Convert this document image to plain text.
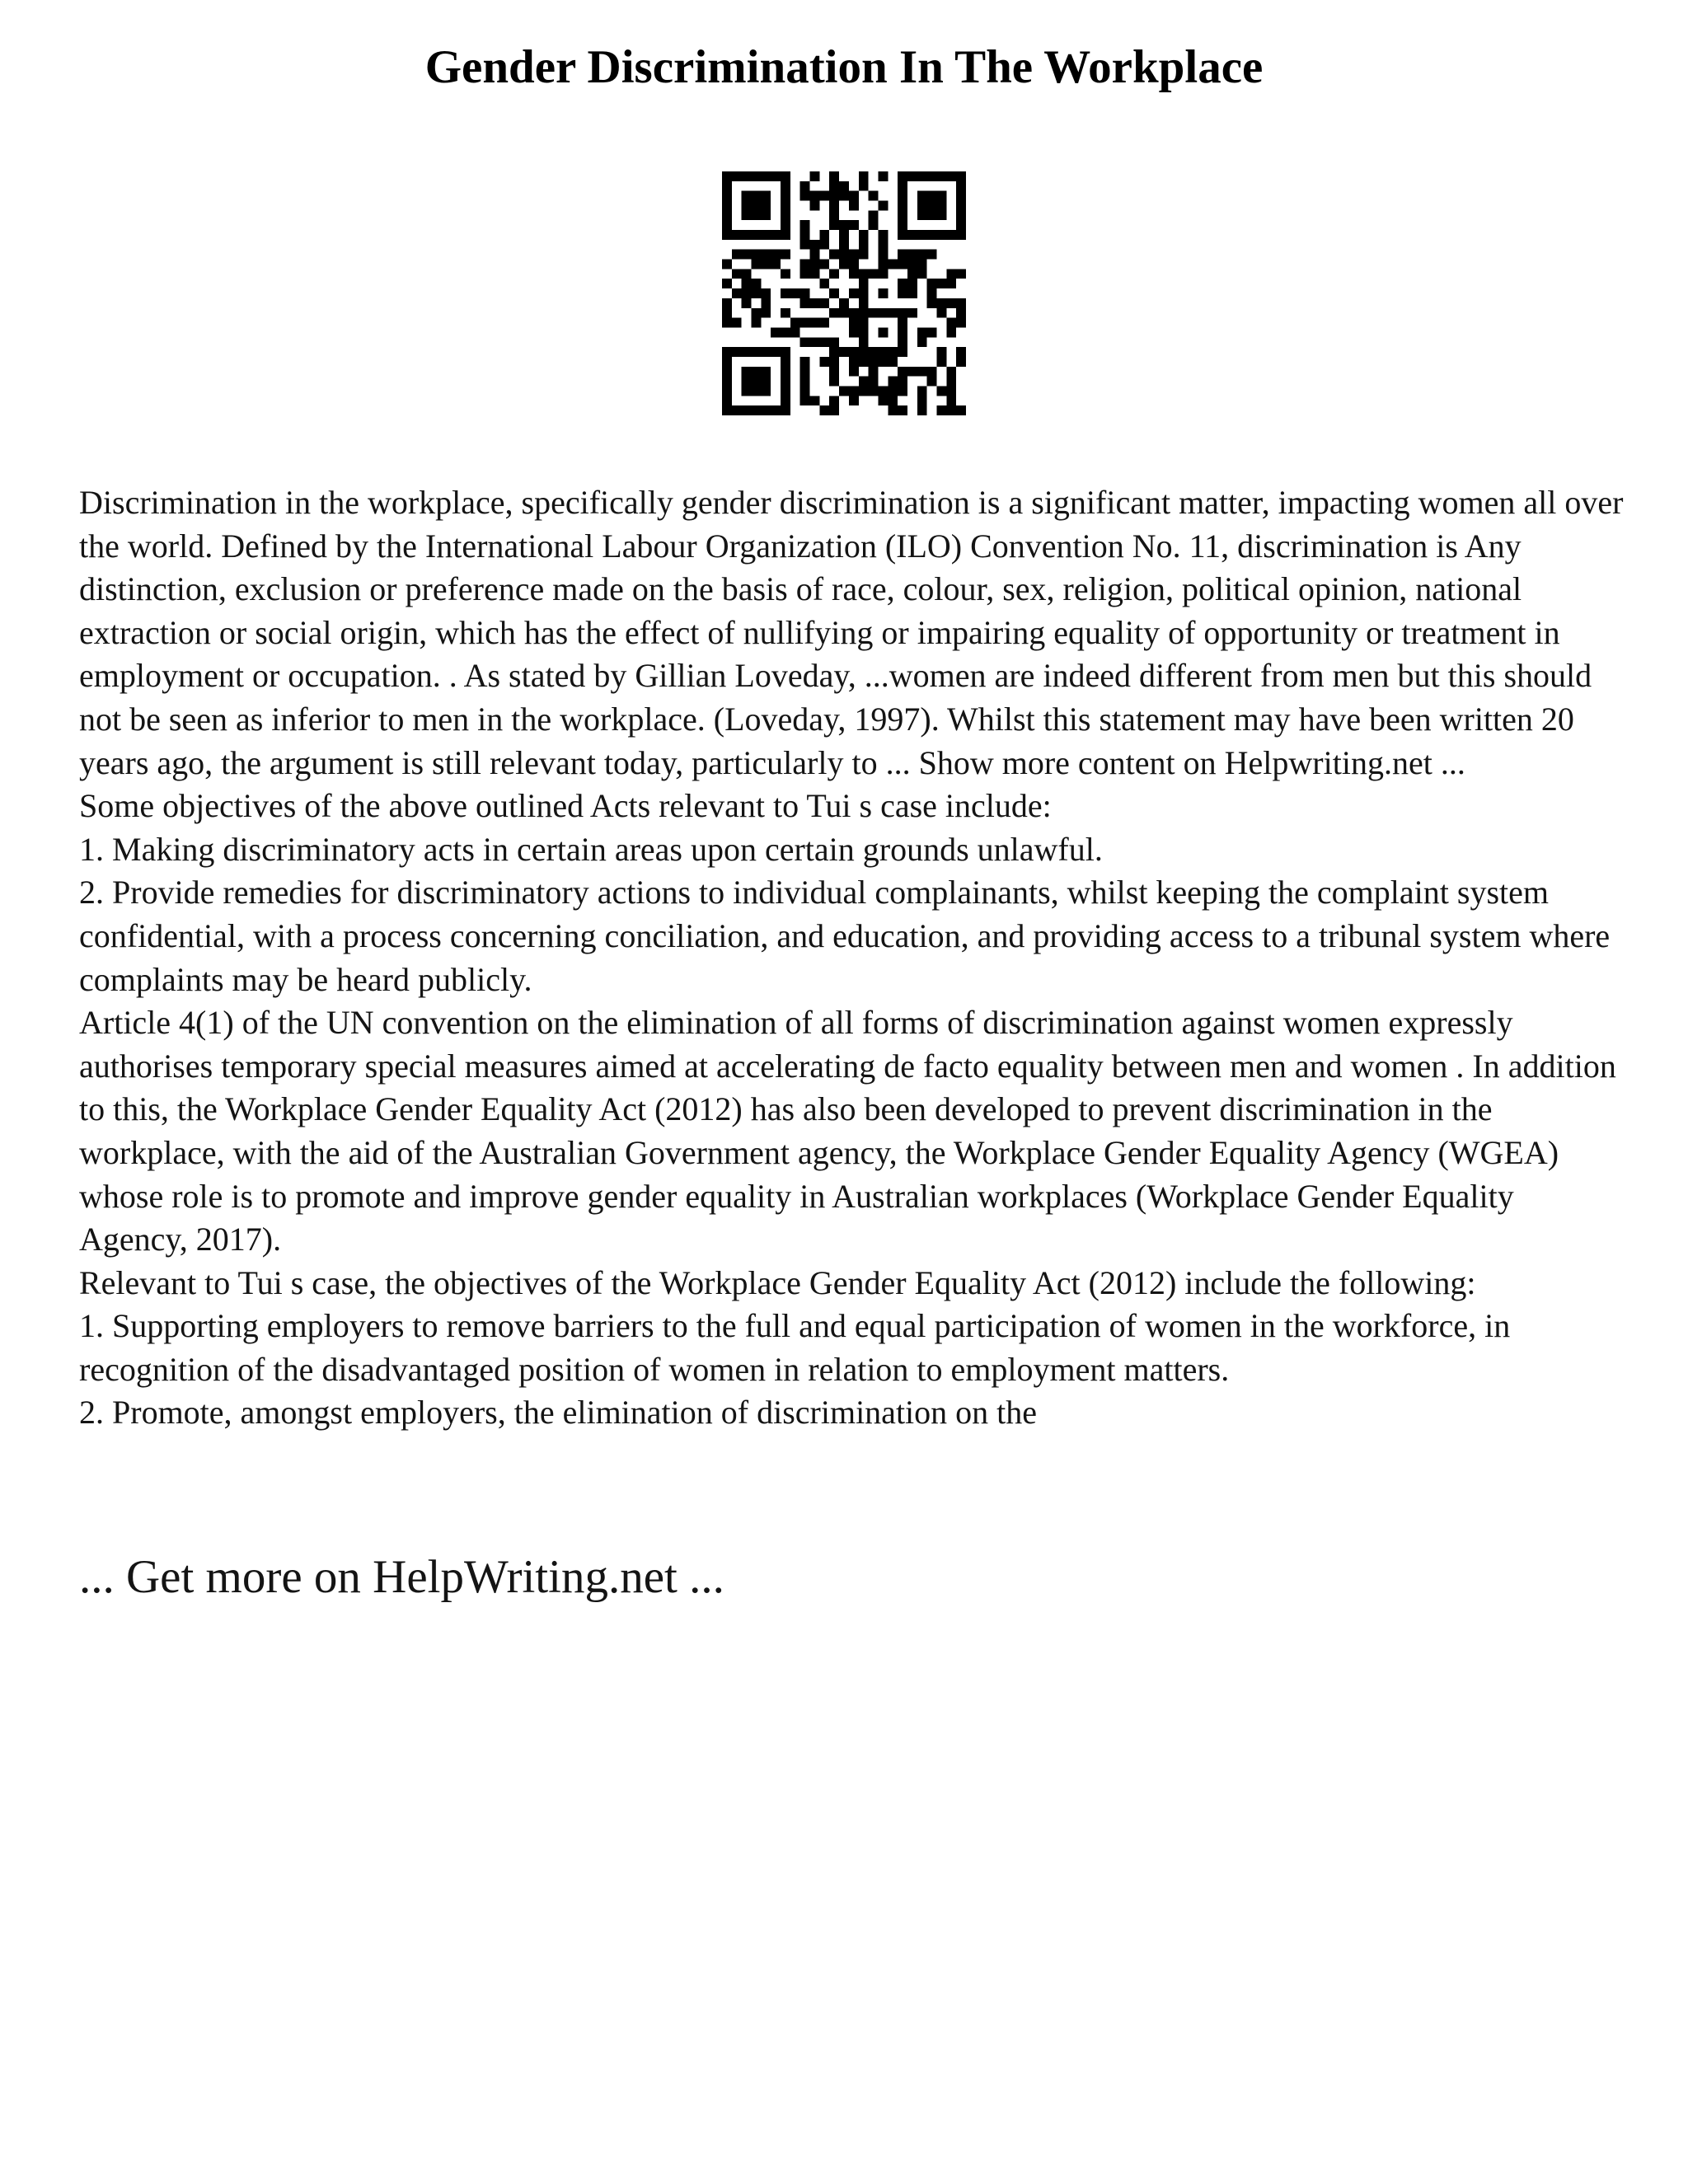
Gender Discrimination In The Workplace

Discrimination in the workplace, specifically gender discrimination is a significant matter, impacting women all over the world. Defined by the International Labour Organization (ILO) Convention No. 11, discrimination is Any distinction, exclusion or preference made on the basis of race, colour, sex, religion, political opinion, national extraction or social origin, which has the effect of nullifying or impairing equality of opportunity or treatment in employment or occupation. . As stated by Gillian Loveday, ...women are indeed different from men but this should not be seen as inferior to men in the workplace. (Loveday, 1997). Whilst this statement may have been written 20 years ago, the argument is still relevant today, particularly to ... Show more content on Helpwriting.net ...

Some objectives of the above outlined Acts relevant to Tui s case include:

1. Making discriminatory acts in certain areas upon certain grounds unlawful.

2. Provide remedies for discriminatory actions to individual complainants, whilst keeping the complaint system confidential, with a process concerning conciliation, and education, and providing access to a tribunal system where complaints may be heard publicly.

Article 4(1) of the UN convention on the elimination of all forms of discrimination against women expressly authorises temporary special measures aimed at accelerating de facto equality between men and women . In addition to this, the Workplace Gender Equality Act (2012) has also been developed to prevent discrimination in the workplace, with the aid of the Australian Government agency, the Workplace Gender Equality Agency (WGEA) whose role is to promote and improve gender equality in Australian workplaces (Workplace Gender Equality Agency, 2017).

Relevant to Tui s case, the objectives of the Workplace Gender Equality Act (2012) include the following:

1. Supporting employers to remove barriers to the full and equal participation of women in the workforce, in recognition of the disadvantaged position of women in relation to employment matters.

2. Promote, amongst employers, the elimination of discrimination on the

... Get more on HelpWriting.net ...
